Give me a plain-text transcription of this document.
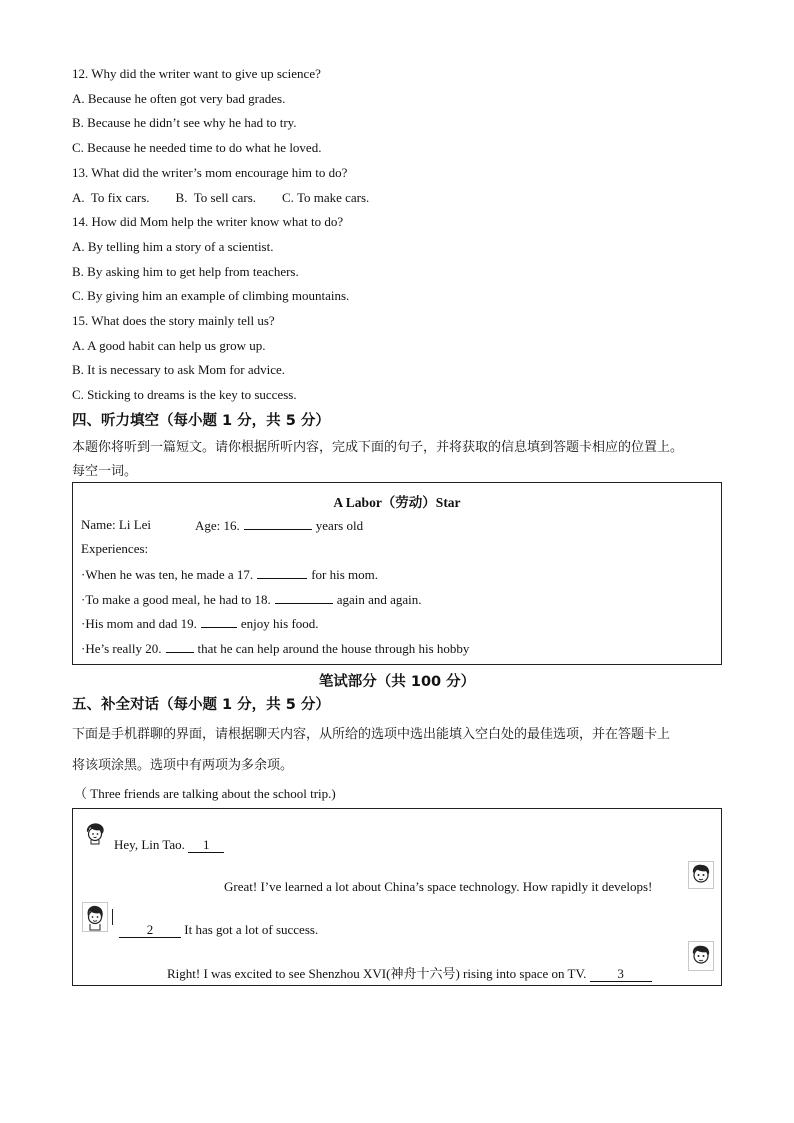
12. Why did the writer want to give up science?
A. Because he often got very bad grades.
B. Because he didn’t see why he had to try.
C. Because he needed time to do what he loved.
13. What did the writer’s mom encourage him to do?
A.  To fix cars.        B.  To sell cars.        C. To make cars.
14. How did Mom help the writer know what to do?
A. By telling him a story of a scientist.
B. By asking him to get help from teachers.
C. By giving him an example of climbing mountains.
15. What does the story mainly tell us?
A. A good habit can help us grow up.
B. It is necessary to ask Mom for advice.
C. Sticking to dreams is the key to success.
四、听力填空（每小题 1 分，共 5 分）
本题你将听到一篇短文。请你根据所听内容，完成下面的句子，并将获取的信息填到答题卡相应的位置上。
每空一词。
A Labor（劳动）Star
Name: Li Lei	Age: 16.	years old
Experiences:
·When he was ten, he made a 17.	for his mom.
·To make a good meal, he had to 18.	again and again.
·His mom and dad 19.	enjoy his food.
·He’s really 20.	that he can help around the house through his hobby
笔试部分（共 100 分）
五、补全对话（每小题 1 分，共 5 分）
下面是手机群聊的界面，请根据聊天内容，从所给的选项中选出能填入空白处的最佳选项，并在答题卡上
将该项涂黑。选项中有两项为多余项。
（ Three friends are talking about the school trip.)
Hey, Lin Tao. 1
Great! I’ve learned a lot about China’s space technology. How rapidly it develops!
2 It has got a lot of success.
Right! I was excited to see Shenzhou XVI(神舟十六号) rising into space on TV. 3
